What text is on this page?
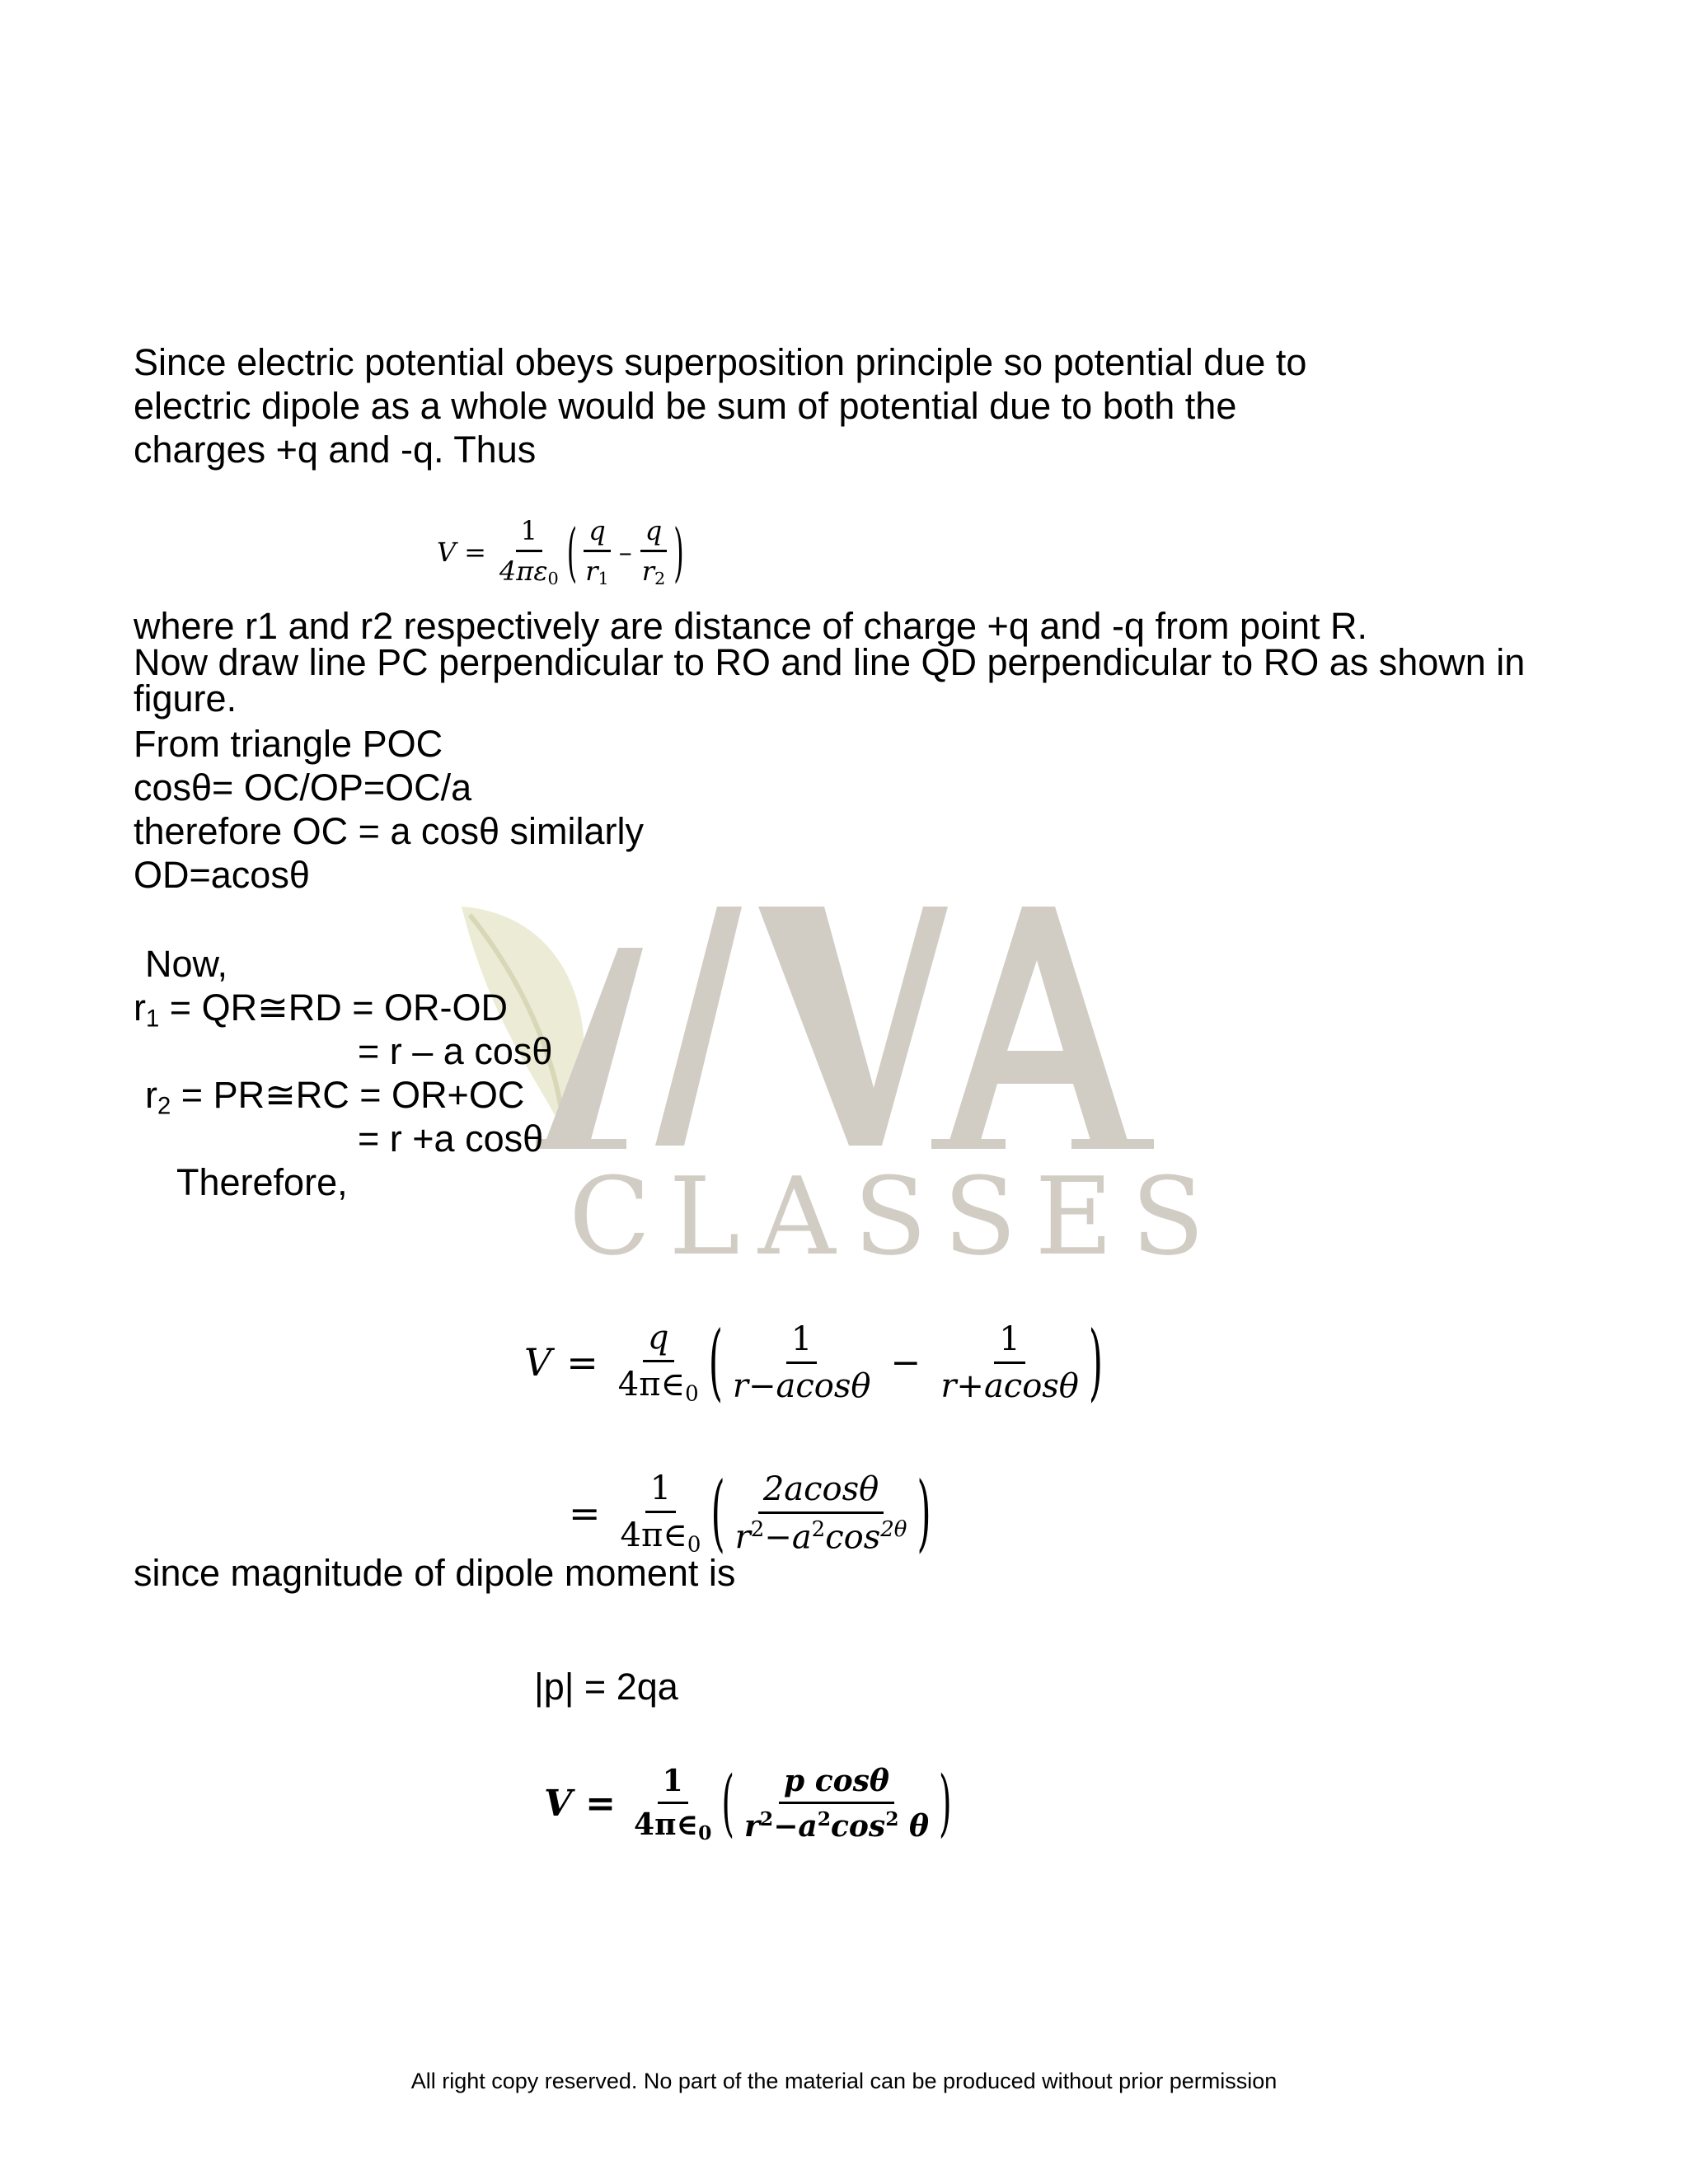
CLASSES
Since electric potential obeys superposition principle so potential due to
electric dipole as a whole would be sum of potential due to both the
charges +q and -q. Thus
$V = \frac{1}{4\pi\varepsilon_0}$ ( $\frac{q}{r_1} - \frac{q}{r_2}$ )
where r1 and r2 respectively are distance of charge +q and -q from point R.
Now draw line PC perpendicular to RO and line QD perpendicular to RO as shown in
figure.
From triangle POC
cosθ= OC/OP=OC/a
therefore OC = a cosθ similarly
OD=acosθ
Now,
$r_1$ = QR≅RD = OR-OD
= r – a cosθ
$r_2$ = PR≅RC = OR+OC
= r +a cosθ
Therefore,
$V = \frac{q}{4\pi\in_0}$ ( $\frac{1}{r-acos\theta} - \frac{1}{r+acos\theta}$ )
= $\frac{1}{4\pi\in_0}$ ( $\frac{2acos\theta}{r^2-a^2\cos^{2\theta}}$ )
since magnitude of dipole moment is
|p| = 2qa
$V = \frac{1}{4\pi\in_0}$ ( $\frac{\text{p cosθ}}{r^2-a^2\cos^2 \theta}$ )
All right copy reserved. No part of the material can be produced without prior permission
